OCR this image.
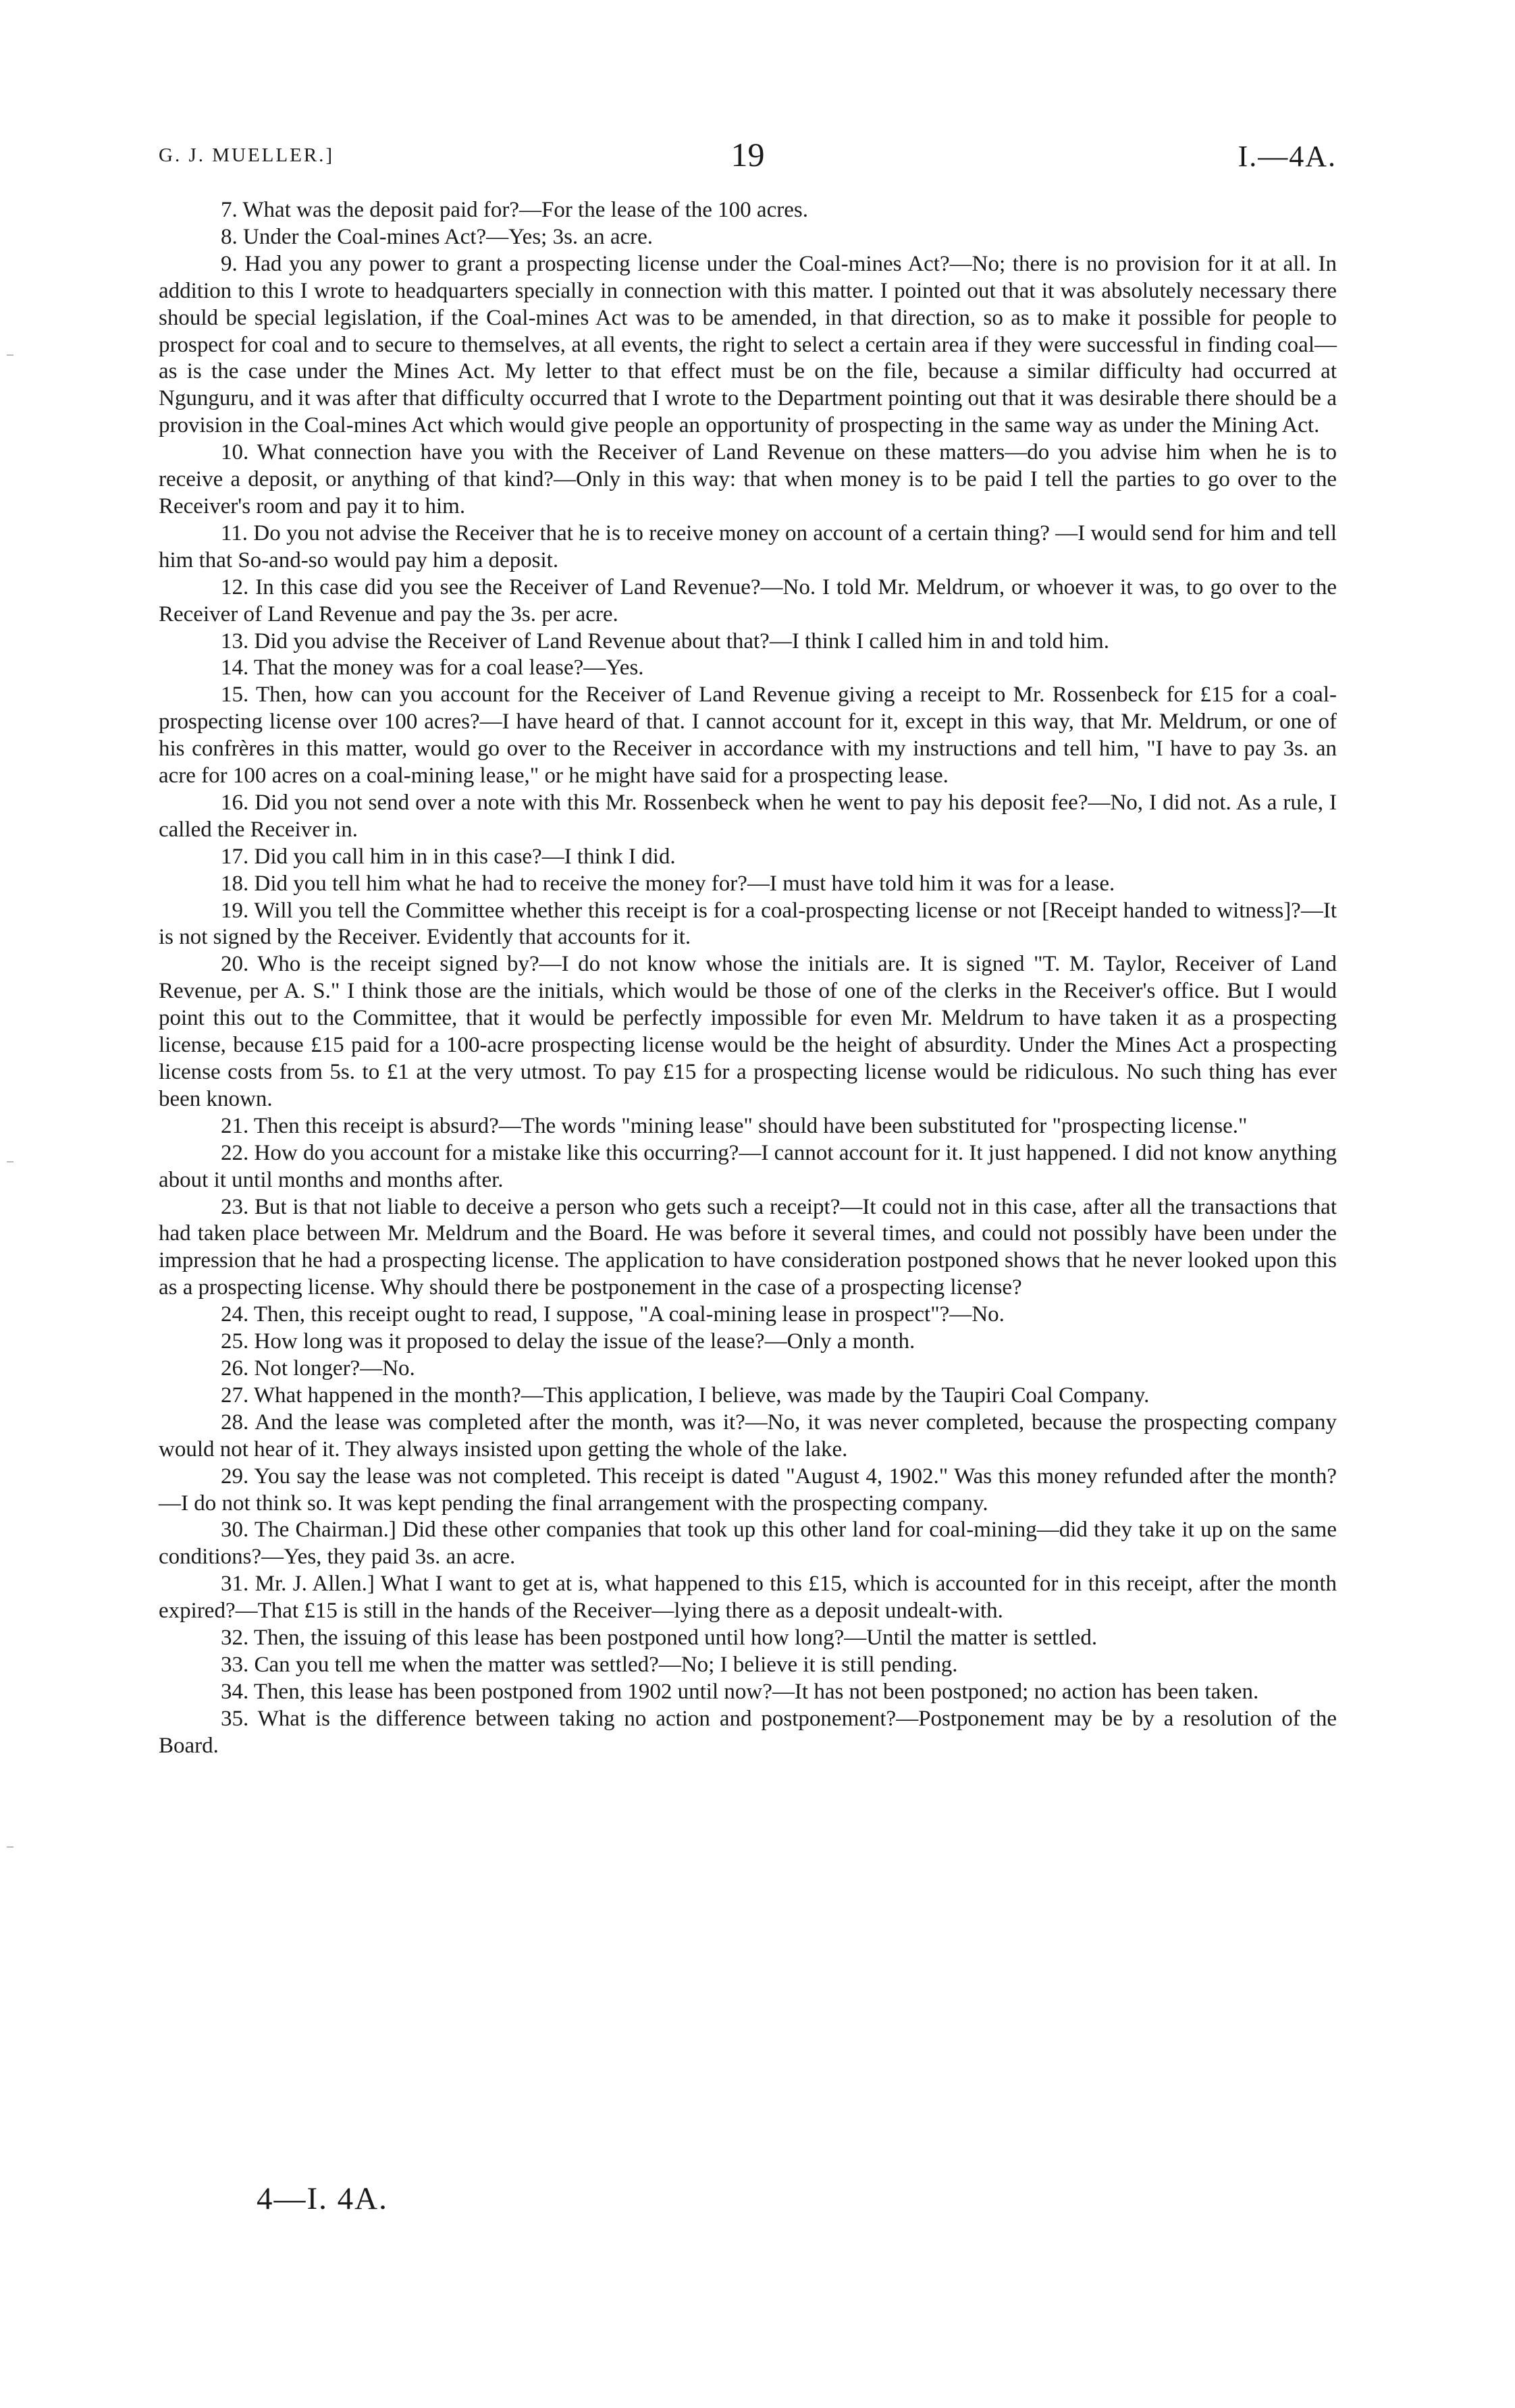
G. J. MUELLER.]	19	I.—4A.

7. What was the deposit paid for?—For the lease of the 100 acres.

8. Under the Coal-mines Act?—Yes; 3s. an acre.

9. Had you any power to grant a prospecting license under the Coal-mines Act?—No; there is no provision for it at all. In addition to this I wrote to headquarters specially in connection with this matter. I pointed out that it was absolutely necessary there should be special legislation, if the Coal-mines Act was to be amended, in that direction, so as to make it possible for people to prospect for coal and to secure to themselves, at all events, the right to select a certain area if they were successful in finding coal—as is the case under the Mines Act. My letter to that effect must be on the file, because a similar difficulty had occurred at Ngunguru, and it was after that difficulty occurred that I wrote to the Department pointing out that it was desirable there should be a provision in the Coal-mines Act which would give people an opportunity of prospecting in the same way as under the Mining Act.

10. What connection have you with the Receiver of Land Revenue on these matters—do you advise him when he is to receive a deposit, or anything of that kind?—Only in this way: that when money is to be paid I tell the parties to go over to the Receiver's room and pay it to him.

11. Do you not advise the Receiver that he is to receive money on account of a certain thing? —I would send for him and tell him that So-and-so would pay him a deposit.

12. In this case did you see the Receiver of Land Revenue?—No. I told Mr. Meldrum, or whoever it was, to go over to the Receiver of Land Revenue and pay the 3s. per acre.

13. Did you advise the Receiver of Land Revenue about that?—I think I called him in and told him.

14. That the money was for a coal lease?—Yes.

15. Then, how can you account for the Receiver of Land Revenue giving a receipt to Mr. Rossenbeck for £15 for a coal-prospecting license over 100 acres?—I have heard of that. I cannot account for it, except in this way, that Mr. Meldrum, or one of his confrères in this matter, would go over to the Receiver in accordance with my instructions and tell him, "I have to pay 3s. an acre for 100 acres on a coal-mining lease," or he might have said for a prospecting lease.

16. Did you not send over a note with this Mr. Rossenbeck when he went to pay his deposit fee?—No, I did not. As a rule, I called the Receiver in.

17. Did you call him in in this case?—I think I did.

18. Did you tell him what he had to receive the money for?—I must have told him it was for a lease.

19. Will you tell the Committee whether this receipt is for a coal-prospecting license or not [Receipt handed to witness]?—It is not signed by the Receiver. Evidently that accounts for it.

20. Who is the receipt signed by?—I do not know whose the initials are. It is signed "T. M. Taylor, Receiver of Land Revenue, per A. S." I think those are the initials, which would be those of one of the clerks in the Receiver's office. But I would point this out to the Committee, that it would be perfectly impossible for even Mr. Meldrum to have taken it as a prospecting license, because £15 paid for a 100-acre prospecting license would be the height of absurdity. Under the Mines Act a prospecting license costs from 5s. to £1 at the very utmost. To pay £15 for a prospecting license would be ridiculous. No such thing has ever been known.

21. Then this receipt is absurd?—The words "mining lease" should have been substituted for "prospecting license."

22. How do you account for a mistake like this occurring?—I cannot account for it. It just happened. I did not know anything about it until months and months after.

23. But is that not liable to deceive a person who gets such a receipt?—It could not in this case, after all the transactions that had taken place between Mr. Meldrum and the Board. He was before it several times, and could not possibly have been under the impression that he had a prospecting license. The application to have consideration postponed shows that he never looked upon this as a prospecting license. Why should there be postponement in the case of a prospecting license?

24. Then, this receipt ought to read, I suppose, "A coal-mining lease in prospect"?—No.

25. How long was it proposed to delay the issue of the lease?—Only a month.

26. Not longer?—No.

27. What happened in the month?—This application, I believe, was made by the Taupiri Coal Company.

28. And the lease was completed after the month, was it?—No, it was never completed, because the prospecting company would not hear of it. They always insisted upon getting the whole of the lake.

29. You say the lease was not completed. This receipt is dated "August 4, 1902." Was this money refunded after the month?—I do not think so. It was kept pending the final arrangement with the prospecting company.

30. The Chairman.] Did these other companies that took up this other land for coal-mining—did they take it up on the same conditions?—Yes, they paid 3s. an acre.

31. Mr. J. Allen.] What I want to get at is, what happened to this £15, which is accounted for in this receipt, after the month expired?—That £15 is still in the hands of the Receiver—lying there as a deposit undealt-with.

32. Then, the issuing of this lease has been postponed until how long?—Until the matter is settled.

33. Can you tell me when the matter was settled?—No; I believe it is still pending.

34. Then, this lease has been postponed from 1902 until now?—It has not been postponed; no action has been taken.

35. What is the difference between taking no action and postponement?—Postponement may be by a resolution of the Board.

4—I. 4A.
